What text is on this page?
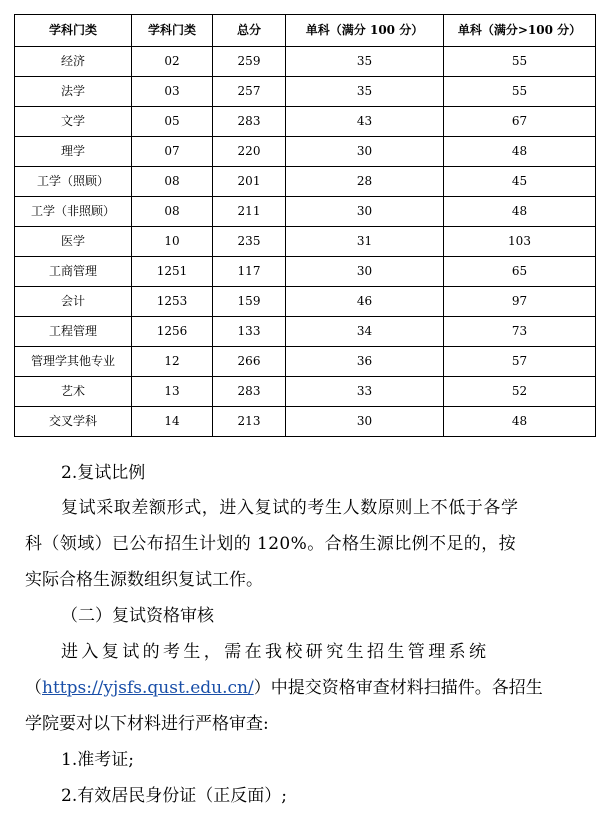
学科门类	学科门类	总分	单科（满分 100 分）	单科（满分>100 分）
经济	02	259	35	55
法学	03	257	35	55
文学	05	283	43	67
理学	07	220	30	48
工学（照顾）	08	201	28	45
工学（非照顾）	08	211	30	48
医学	10	235	31	103
工商管理	1251	117	30	65
会计	1253	159	46	97
工程管理	1256	133	34	73
管理学其他专业	12	266	36	57
艺术	13	283	33	52
交叉学科	14	213	30	48
2.复试比例
复试采取差额形式，进入复试的考生人数原则上不低于各学
科（领域）已公布招生计划的 120%。合格生源比例不足的，按
实际合格生源数组织复试工作。
（二）复试资格审核
进入复试的考生，需在我校研究生招生管理系统
（https://yjsfs.qust.edu.cn/）中提交资格审查材料扫描件。各招生
学院要对以下材料进行严格审查:
1.准考证;
2.有效居民身份证（正反面）;
